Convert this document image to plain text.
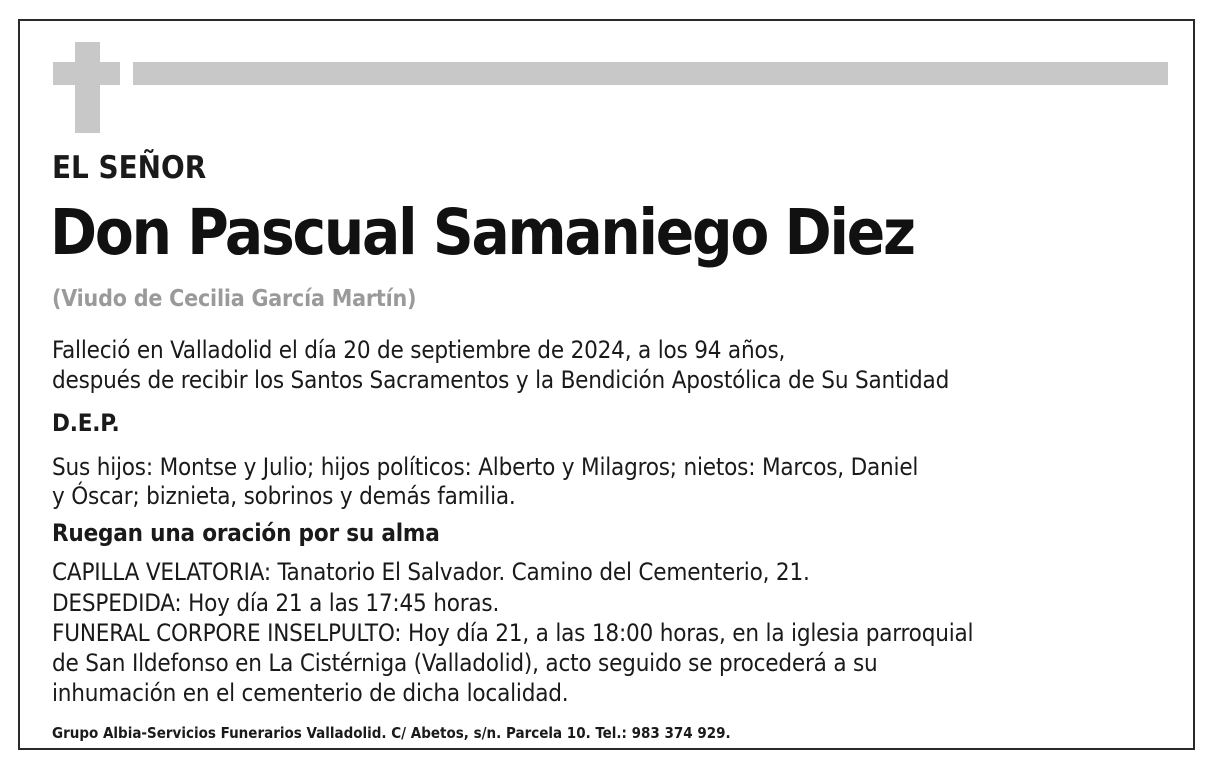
EL SEÑOR
Don Pascual Samaniego Diez
(Viudo de Cecilia García Martín)
Falleció en Valladolid el día 20 de septiembre de 2024, a los 94 años,
después de recibir los Santos Sacramentos y la Bendición Apostólica de Su Santidad
D.E.P.
Sus hijos: Montse y Julio; hijos políticos: Alberto y Milagros; nietos: Marcos, Daniel
y Óscar; biznieta, sobrinos y demás familia.
Ruegan una oración por su alma
CAPILLA VELATORIA: Tanatorio El Salvador. Camino del Cementerio, 21.
DESPEDIDA: Hoy día 21 a las 17:45 horas.
FUNERAL CORPORE INSELPULTO: Hoy día 21, a las 18:00 horas, en la iglesia parroquial
de San Ildefonso en La Cistérniga (Valladolid), acto seguido se procederá a su
inhumación en el cementerio de dicha localidad.
Grupo Albia-Servicios Funerarios Valladolid. C/ Abetos, s/n. Parcela 10. Tel.: 983 374 929.
